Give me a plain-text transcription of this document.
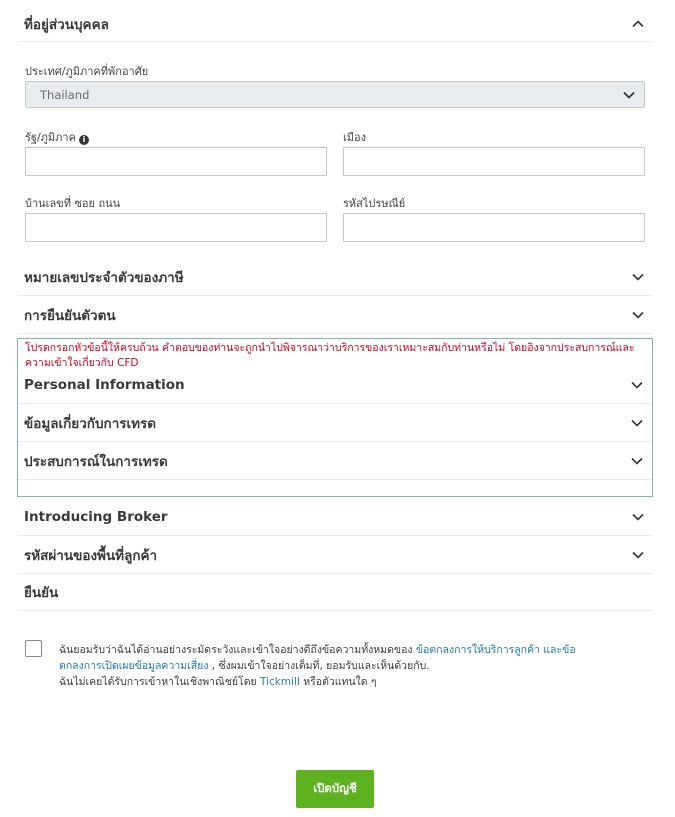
ที่อยู่ส่วนบุคคล
ประเทศ/ภูมิภาคที่พักอาศัย
Thailand
รัฐ/ภูมิภาค i	เมือง
บ้านเลขที่ ซอย ถนน	รหัสไปรษณีย์
หมายเลขประจำตัวของภาษี
การยืนยันตัวตน

โปรดกรอกหัวข้อนี้ให้ครบถ้วน คำตอบของท่านจะถูกนำไปพิจารณาว่าบริการของเราเหมาะสมกับท่านหรือไม่ โดยอิงจากประสบการณ์และความเข้าใจเกี่ยวกับ CFD

Personal Information
ข้อมูลเกี่ยวกับการเทรด
ประสบการณ์ในการเทรด
Introducing Broker
รหัสผ่านของพื้นที่ลูกค้า
ยืนยัน

ฉันยอมรับว่าฉันได้อ่านอย่างระมัดระวังและเข้าใจอย่างดีถึงข้อความทั้งหมดของ ข้อตกลงการให้บริการลูกค้า และข้อตกลงการเปิดเผยข้อมูลความเสี่ยง , ซึ่งผมเข้าใจอย่างเต็มที่, ยอมรับและเห็นด้วยกับ.
ฉันไม่เคยได้รับการเข้าหาในเชิงพาณิชย์โดย Tickmill หรือตัวแทนใด ๆ

เปิดบัญชี
